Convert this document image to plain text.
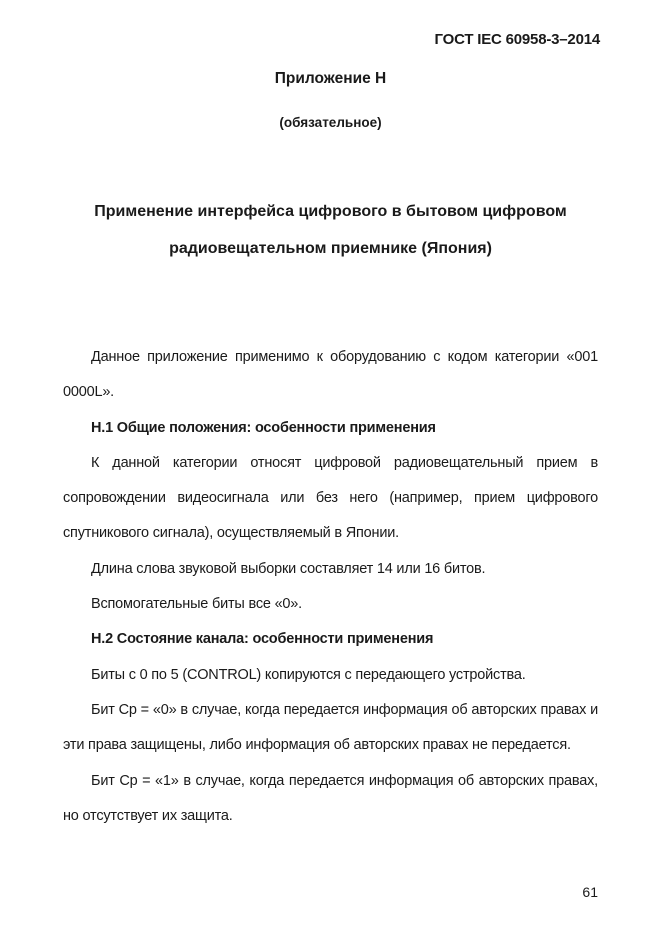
ГОСТ IEC 60958-3–2014
Приложение Н
(обязательное)
Применение интерфейса цифрового в бытовом цифровом
радиовещательном приемнике (Япония)

Данное приложение применимо к оборудованию с кодом категории «001 0000L».

Н.1 Общие положения: особенности применения

К данной категории относят цифровой радиовещательный прием в сопровождении видеосигнала или без него (например, прием цифрового спутникового сигнала), осуществляемый в Японии.

Длина слова звуковой выборки составляет 14 или 16 битов.

Вспомогательные биты все «0».

Н.2 Состояние канала: особенности применения

Биты с 0 по 5 (CONTROL) копируются с передающего устройства.

Бит Cp = «0» в случае, когда передается информация об авторских правах и эти права защищены, либо информация об авторских правах не передается.

Бит Cp = «1» в случае, когда передается информация об авторских правах, но отсутствует их защита.

61
